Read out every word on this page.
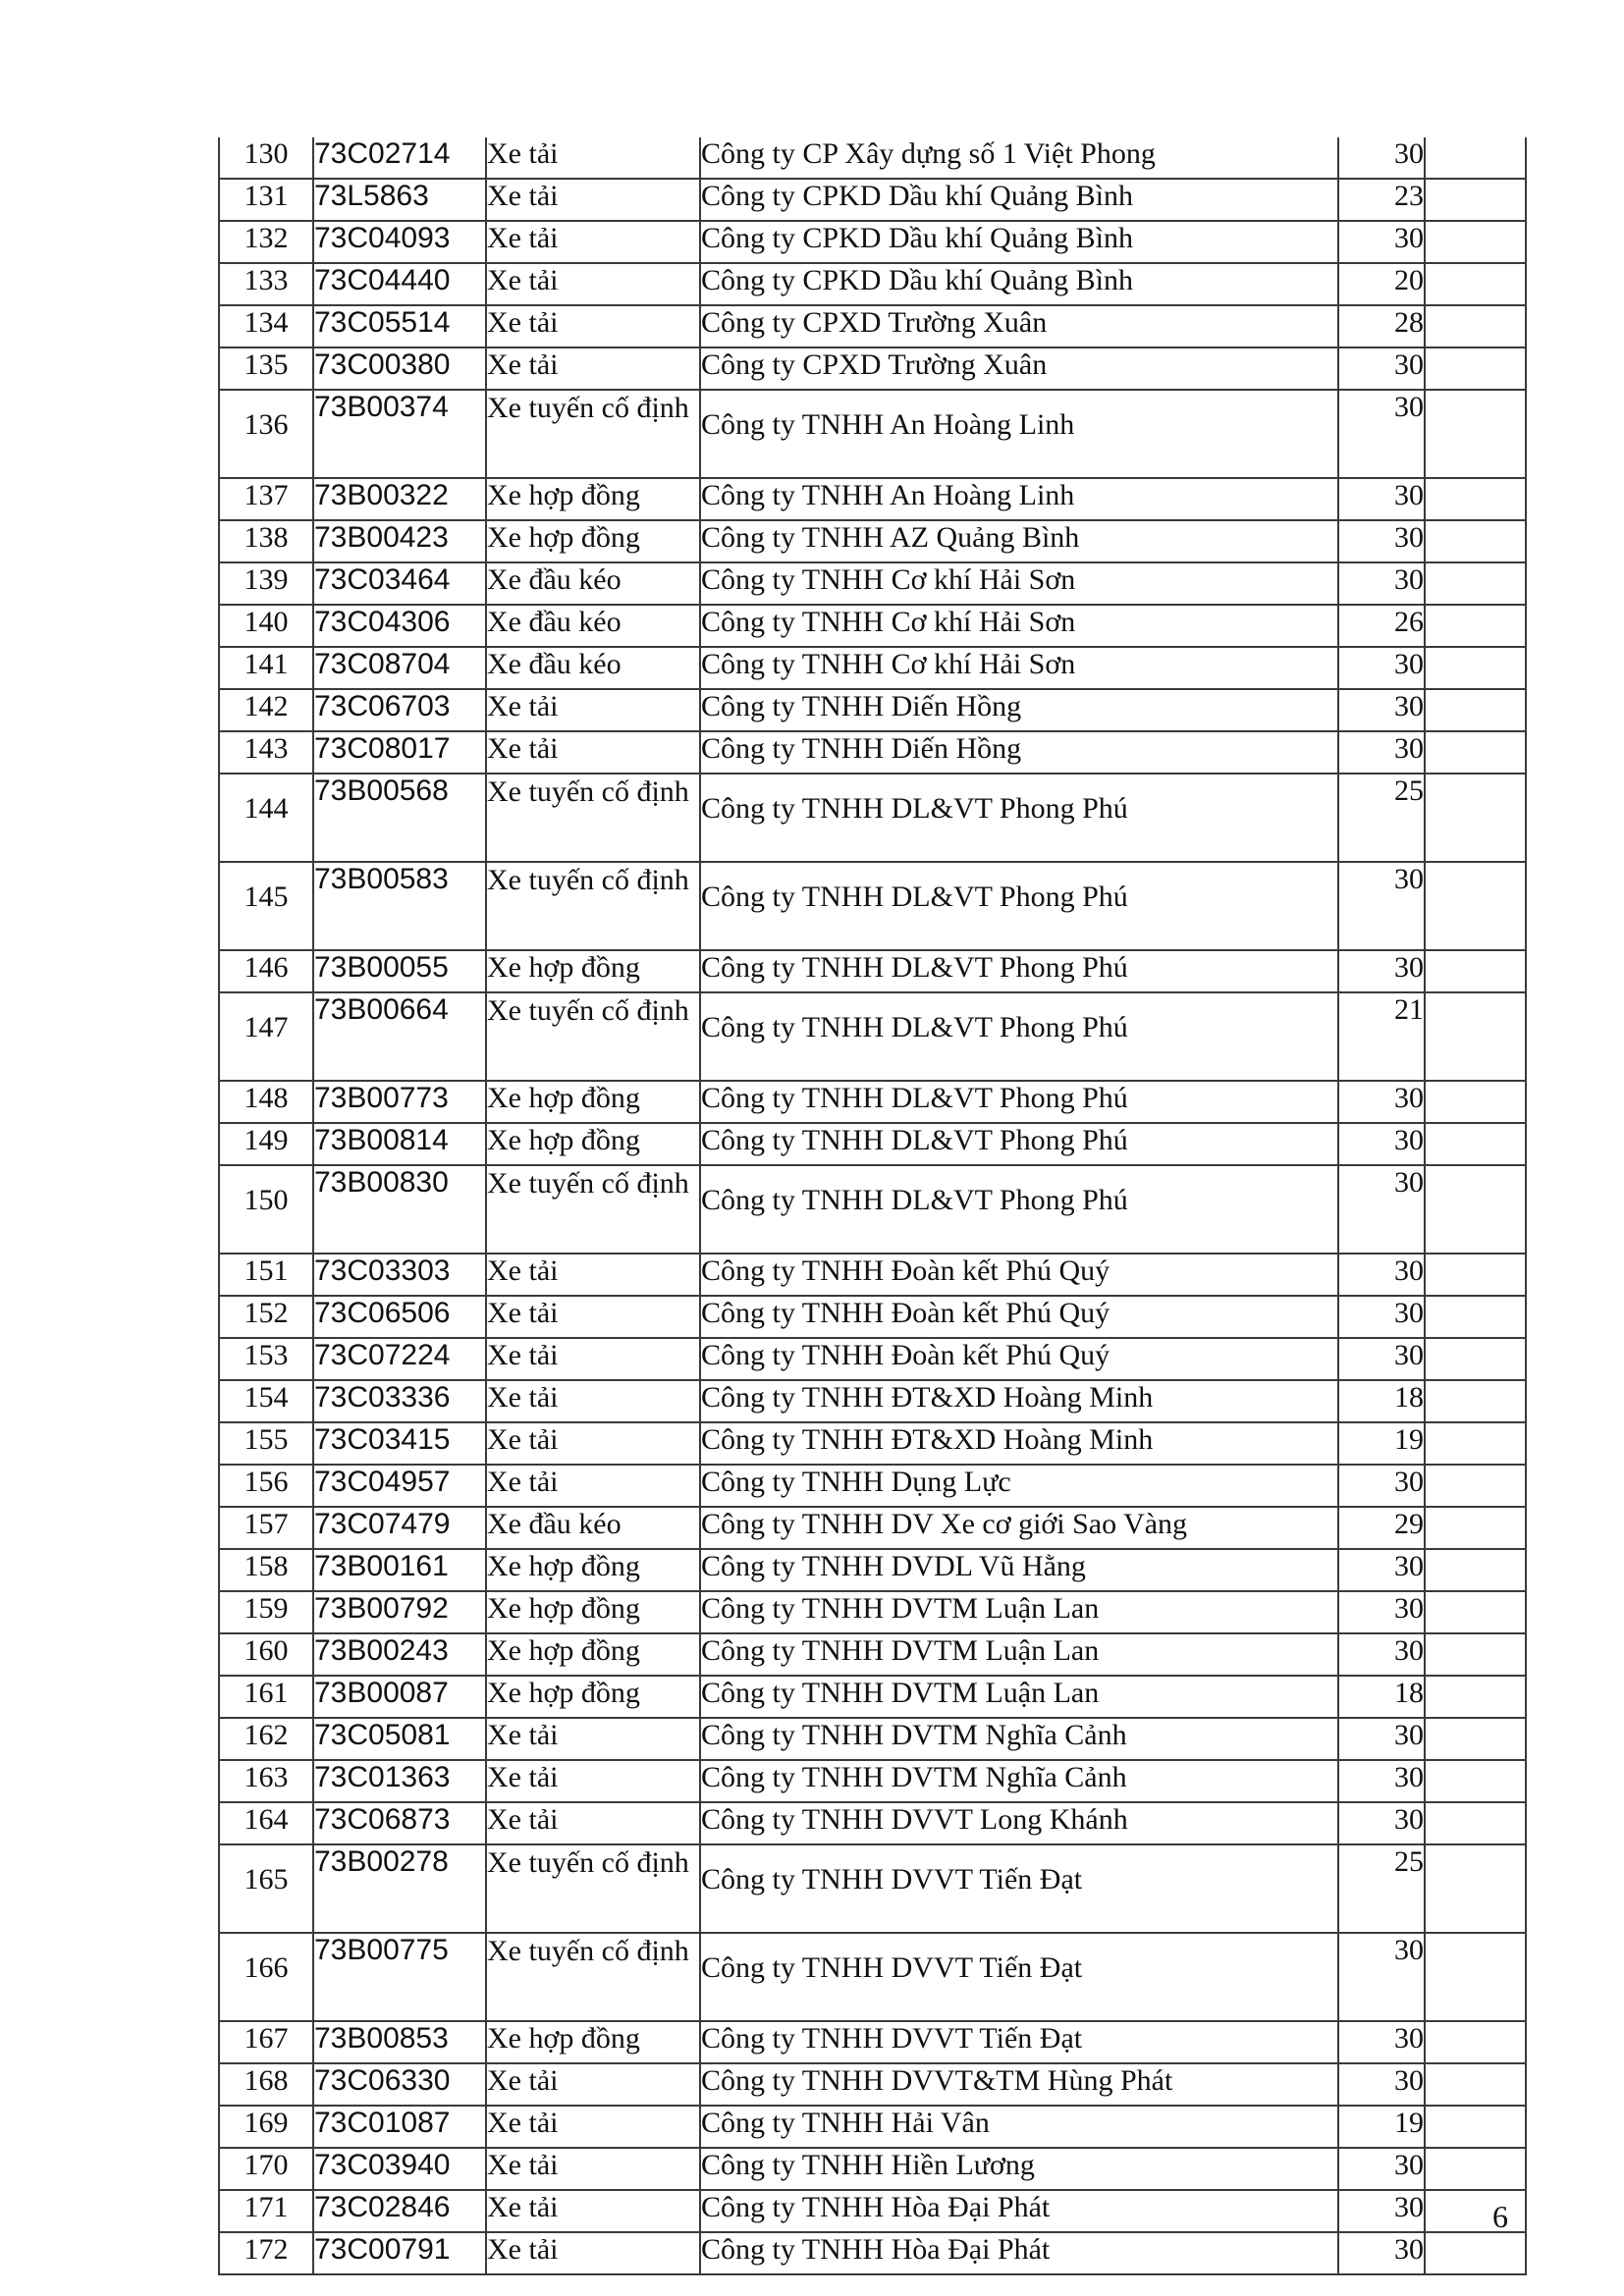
130	73C02714	Xe tải	Công ty CP Xây dựng số 1 Việt Phong	30	
131	73L5863	Xe tải	Công ty CPKD Dầu khí Quảng Bình	23	
132	73C04093	Xe tải	Công ty CPKD Dầu khí Quảng Bình	30	
133	73C04440	Xe tải	Công ty CPKD Dầu khí Quảng Bình	20	
134	73C05514	Xe tải	Công ty CPXD Trường Xuân	28	
135	73C00380	Xe tải	Công ty CPXD Trường Xuân	30	
136	73B00374	Xe tuyến cố định	Công ty TNHH An Hoàng Linh	30	
137	73B00322	Xe hợp đồng	Công ty TNHH An Hoàng Linh	30	
138	73B00423	Xe hợp đồng	Công ty TNHH AZ Quảng Bình	30	
139	73C03464	Xe đầu kéo	Công ty TNHH Cơ khí Hải Sơn	30	
140	73C04306	Xe đầu kéo	Công ty TNHH Cơ khí Hải Sơn	26	
141	73C08704	Xe đầu kéo	Công ty TNHH Cơ khí Hải Sơn	30	
142	73C06703	Xe tải	Công ty TNHH Diến Hồng	30	
143	73C08017	Xe tải	Công ty TNHH Diến Hồng	30	
144	73B00568	Xe tuyến cố định	Công ty TNHH DL&VT Phong Phú	25	
145	73B00583	Xe tuyến cố định	Công ty TNHH DL&VT Phong Phú	30	
146	73B00055	Xe hợp đồng	Công ty TNHH DL&VT Phong Phú	30	
147	73B00664	Xe tuyến cố định	Công ty TNHH DL&VT Phong Phú	21	
148	73B00773	Xe hợp đồng	Công ty TNHH DL&VT Phong Phú	30	
149	73B00814	Xe hợp đồng	Công ty TNHH DL&VT Phong Phú	30	
150	73B00830	Xe tuyến cố định	Công ty TNHH DL&VT Phong Phú	30	
151	73C03303	Xe tải	Công ty TNHH Đoàn kết Phú Quý	30	
152	73C06506	Xe tải	Công ty TNHH Đoàn kết Phú Quý	30	
153	73C07224	Xe tải	Công ty TNHH Đoàn kết Phú Quý	30	
154	73C03336	Xe tải	Công ty TNHH ĐT&XD Hoàng Minh	18	
155	73C03415	Xe tải	Công ty TNHH ĐT&XD Hoàng Minh	19	
156	73C04957	Xe tải	Công ty TNHH Dụng Lực	30	
157	73C07479	Xe đầu kéo	Công ty TNHH DV Xe cơ giới Sao Vàng	29	
158	73B00161	Xe hợp đồng	Công ty TNHH DVDL Vũ Hằng	30	
159	73B00792	Xe hợp đồng	Công ty TNHH DVTM Luận Lan	30	
160	73B00243	Xe hợp đồng	Công ty TNHH DVTM Luận Lan	30	
161	73B00087	Xe hợp đồng	Công ty TNHH DVTM Luận Lan	18	
162	73C05081	Xe tải	Công ty TNHH DVTM Nghĩa Cảnh	30	
163	73C01363	Xe tải	Công ty TNHH DVTM Nghĩa Cảnh	30	
164	73C06873	Xe tải	Công ty TNHH DVVT Long Khánh	30	
165	73B00278	Xe tuyến cố định	Công ty TNHH DVVT Tiến Đạt	25	
166	73B00775	Xe tuyến cố định	Công ty TNHH DVVT Tiến Đạt	30	
167	73B00853	Xe hợp đồng	Công ty TNHH DVVT Tiến Đạt	30	
168	73C06330	Xe tải	Công ty TNHH DVVT&TM Hùng Phát	30	
169	73C01087	Xe tải	Công ty TNHH Hải Vân	19	
170	73C03940	Xe tải	Công ty TNHH Hiền Lương	30	
171	73C02846	Xe tải	Công ty TNHH Hòa Đại Phát	30	
172	73C00791	Xe tải	Công ty TNHH Hòa Đại Phát	30	
6
